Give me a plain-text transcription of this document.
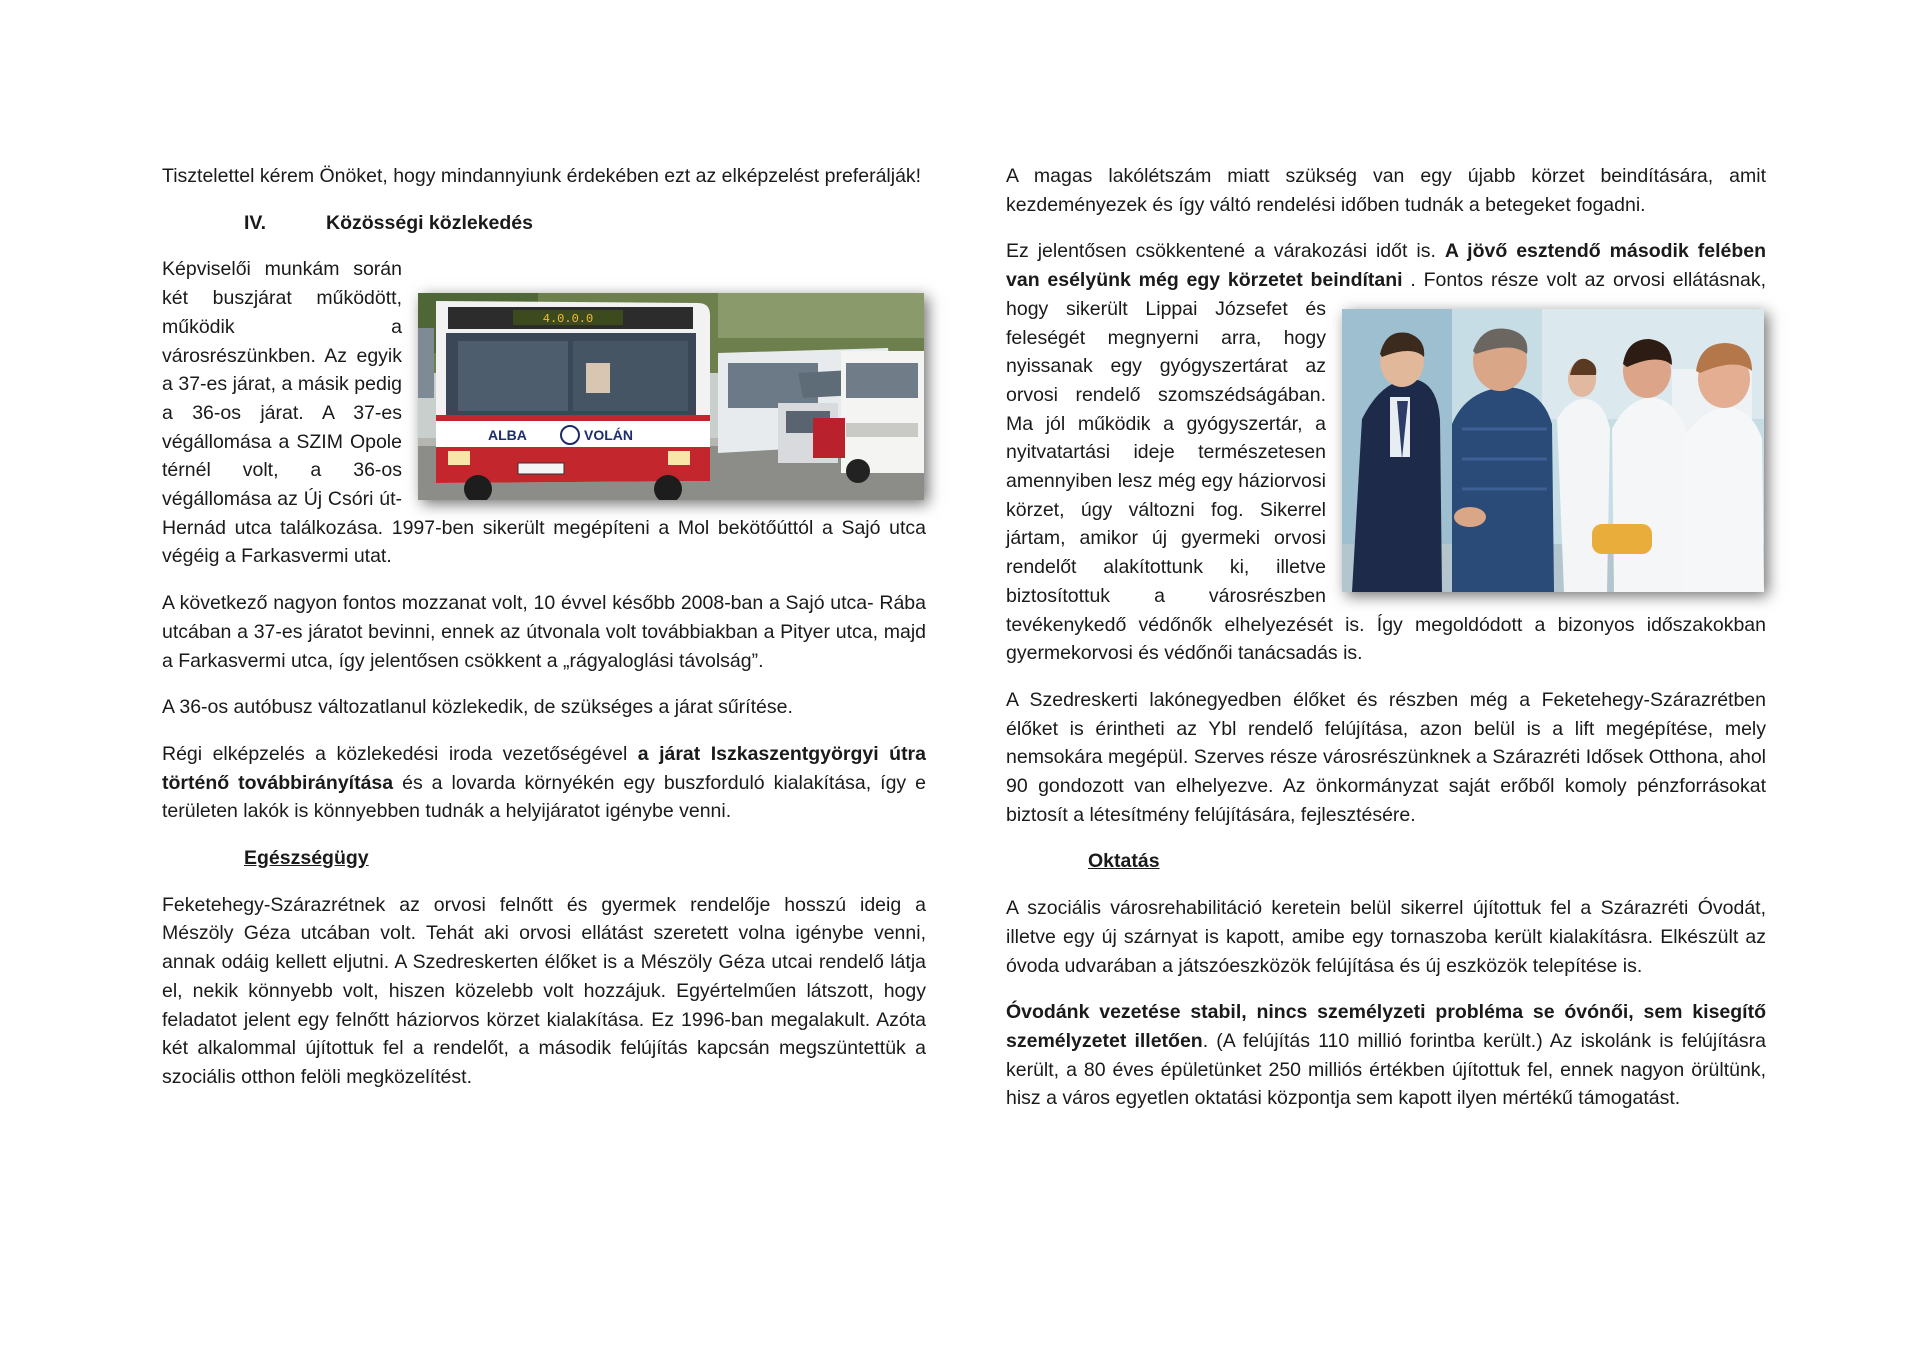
Tisztelettel kérem Önöket, hogy mindannyiunk érdekében ezt az elképzelést preferálják!

IV.	Közösségi közlekedés

4.0.0.0
ALBA	VOLÁN
Képviselői munkám során két buszjárat működött, működik a városrészünkben. Az egyik a 37-es járat, a másik pedig a 36-os járat. A 37-es végállomása a SZIM Opole térnél volt, a 36-os végállomása az Új Csóri út-Hernád utca találkozása. 1997-ben sikerült megépíteni a Mol bekötőúttól a Sajó utca végéig a Farkasvermi utat.

A következő nagyon fontos mozzanat volt, 10 évvel később 2008-ban a Sajó utca- Rába utcában a 37-es járatot bevinni, ennek az útvonala volt továbbiakban a Pityer utca, majd a Farkasvermi utca, így jelentősen csökkent a „rágyaloglási távolság”.

A 36-os autóbusz változatlanul közlekedik, de szükséges a járat sűrítése.

Régi elképzelés a közlekedési iroda vezetőségével a járat Iszkaszentgyörgyi útra történő továbbirányítása és a lovarda környékén egy buszforduló kialakítása, így e területen lakók is könnyebben tudnák a helyijáratot igénybe venni.

Egészségügy

Feketehegy-Szárazrétnek az orvosi felnőtt és gyermek rendelője hosszú ideig a Mészöly Géza utcában volt. Tehát aki orvosi ellátást szeretett volna igénybe venni, annak odáig kellett eljutni. A Szedreskerten élőket is a Mészöly Géza utcai rendelő látja el, nekik könnyebb volt, hiszen közelebb volt hozzájuk. Egyértelműen látszott, hogy feladatot jelent egy felnőtt háziorvos körzet kialakítása. Ez 1996-ban megalakult. Azóta két alkalommal újítottuk fel a rendelőt, a második felújítás kapcsán megszüntettük a szociális otthon felöli megközelítést.

A magas lakólétszám miatt szükség van egy újabb körzet beindítására, amit kezdeményezek és így váltó rendelési időben tudnák a betegeket fogadni.

Ez jelentősen csökkentené a várakozási időt is. A jövő esztendő második felében van esélyünk még egy körzetet beindítani . Fontos része volt az orvosi ellátásnak, hogy sikerült Lippai Józsefet és feleségét megnyerni arra, hogy nyissanak egy gyógyszertárat az orvosi rendelő szomszédságában. Ma jól működik a gyógyszertár, a nyitvatartási ideje természetesen amennyiben lesz még egy háziorvosi körzet, úgy változni fog. Sikerrel jártam, amikor új gyermeki orvosi rendelőt alakítottunk ki, illetve biztosítottuk a városrészben tevékenykedő védőnők elhelyezését is. Így megoldódott a bizonyos időszakokban gyermekorvosi és védőnői tanácsadás is.

A Szedreskerti lakónegyedben élőket és részben még a Feketehegy-Szárazrétben élőket is érintheti az Ybl rendelő felújítása, azon belül is a lift megépítése, mely nemsokára megépül. Szerves része városrészünknek a Szárazréti Idősek Otthona, ahol 90 gondozott van elhelyezve. Az önkormányzat saját erőből komoly pénzforrásokat biztosít a létesítmény felújítására, fejlesztésére.

Oktatás

A szociális városrehabilitáció keretein belül sikerrel újítottuk fel a Szárazréti Óvodát, illetve egy új szárnyat is kapott, amibe egy tornaszoba került kialakításra. Elkészült az óvoda udvarában a játszóeszközök felújítása és új eszközök telepítése is.

Óvodánk vezetése stabil, nincs személyzeti probléma se óvónői, sem kisegítő személyzetet illetően. (A felújítás 110 millió forintba került.) Az iskolánk is felújításra került, a 80 éves épületünket 250 milliós értékben újítottuk fel, ennek nagyon örültünk, hisz a város egyetlen oktatási központja sem kapott ilyen mértékű támogatást.
